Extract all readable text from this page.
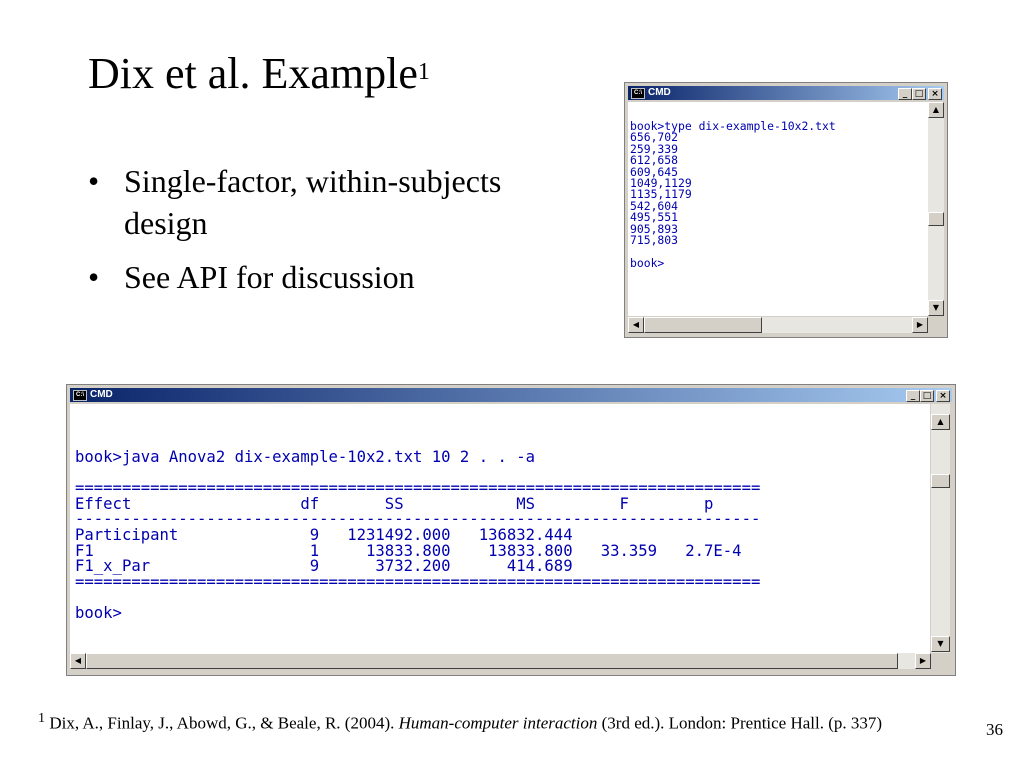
Dix et al. Example$^1$
• Single-factor, within-subjects design
• See API for discussion
C:\ CMD	_ □ ×
book>type dix-example-10x2.txt
656,702
259,339
612,658
609,645
1049,1129
1135,1179
542,604
495,551
905,893
715,803
book>
▲
▼
◀	▶
C:\ CMD	_ □ ×
book>java Anova2 dix-example-10x2.txt 10 2 . . -a
=========================================================================
Effect                  df       SS            MS         F        p
-------------------------------------------------------------------------
Participant              9   1231492.000   136832.444
F1                       1     13833.800    13833.800   33.359   2.7E-4
F1_x_Par                 9      3732.200      414.689
=========================================================================
book>
▲
▼
◀	▶
$^1$ Dix, A., Finlay, J., Abowd, G., & Beale, R. (2004). Human-computer interaction (3rd ed.). London: Prentice Hall. (p. 337)	36
